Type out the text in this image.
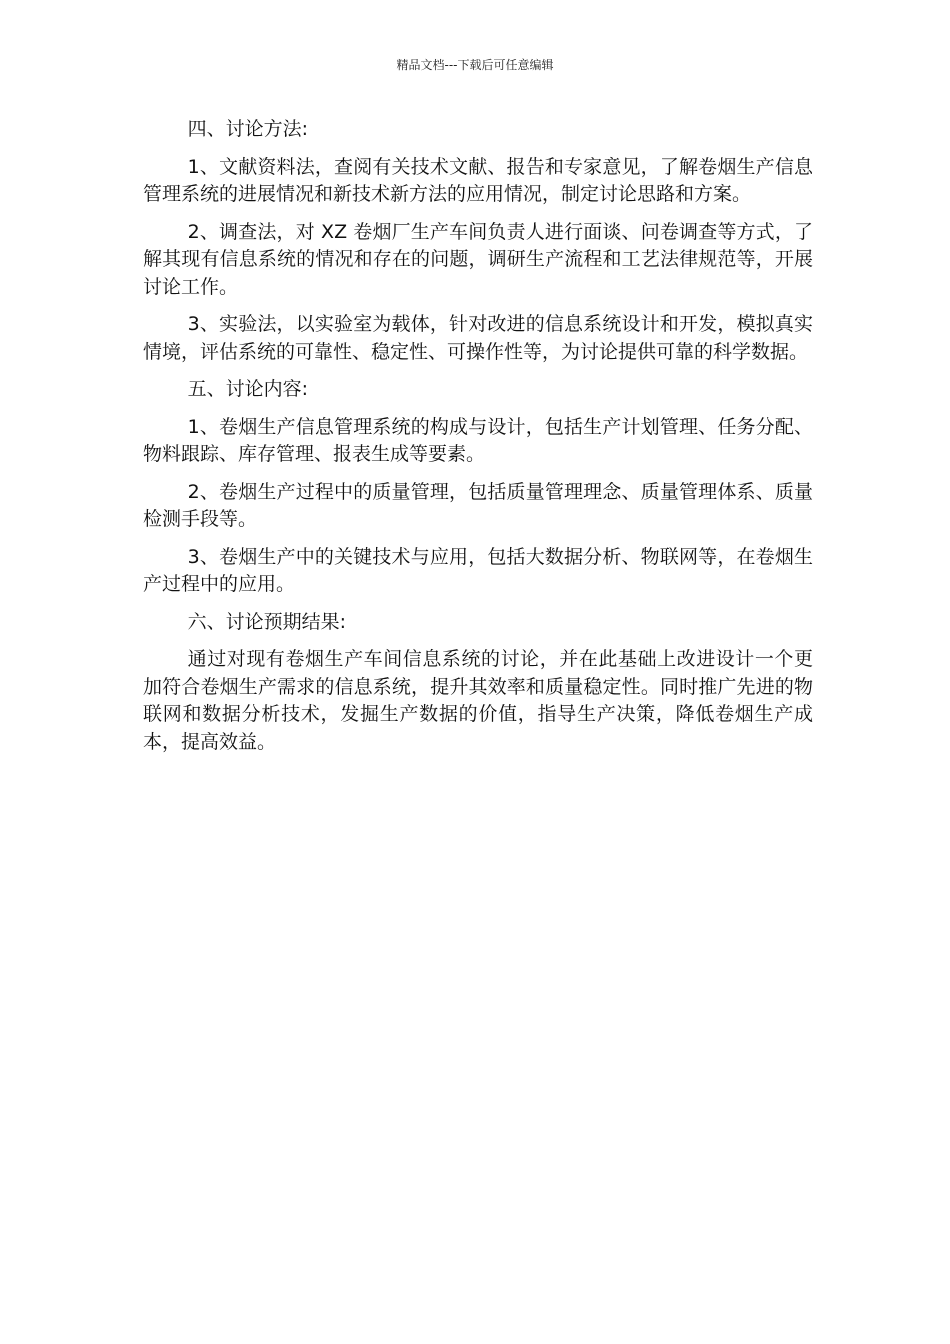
精品文档---下载后可任意编辑

四、讨论方法:

1、文献资料法，查阅有关技术文献、报告和专家意见，了解卷烟生产信息管理系统的进展情况和新技术新方法的应用情况，制定讨论思路和方案。

2、调查法，对 XZ 卷烟厂生产车间负责人进行面谈、问卷调查等方式，了解其现有信息系统的情况和存在的问题，调研生产流程和工艺法律规范等，开展讨论工作。

3、实验法，以实验室为载体，针对改进的信息系统设计和开发，模拟真实情境，评估系统的可靠性、稳定性、可操作性等，为讨论提供可靠的科学数据。

五、讨论内容:

1、卷烟生产信息管理系统的构成与设计，包括生产计划管理、任务分配、物料跟踪、库存管理、报表生成等要素。

2、卷烟生产过程中的质量管理，包括质量管理理念、质量管理体系、质量检测手段等。

3、卷烟生产中的关键技术与应用，包括大数据分析、物联网等，在卷烟生产过程中的应用。

六、讨论预期结果:

通过对现有卷烟生产车间信息系统的讨论，并在此基础上改进设计一个更加符合卷烟生产需求的信息系统，提升其效率和质量稳定性。同时推广先进的物联网和数据分析技术，发掘生产数据的价值，指导生产决策，降低卷烟生产成本，提高效益。
